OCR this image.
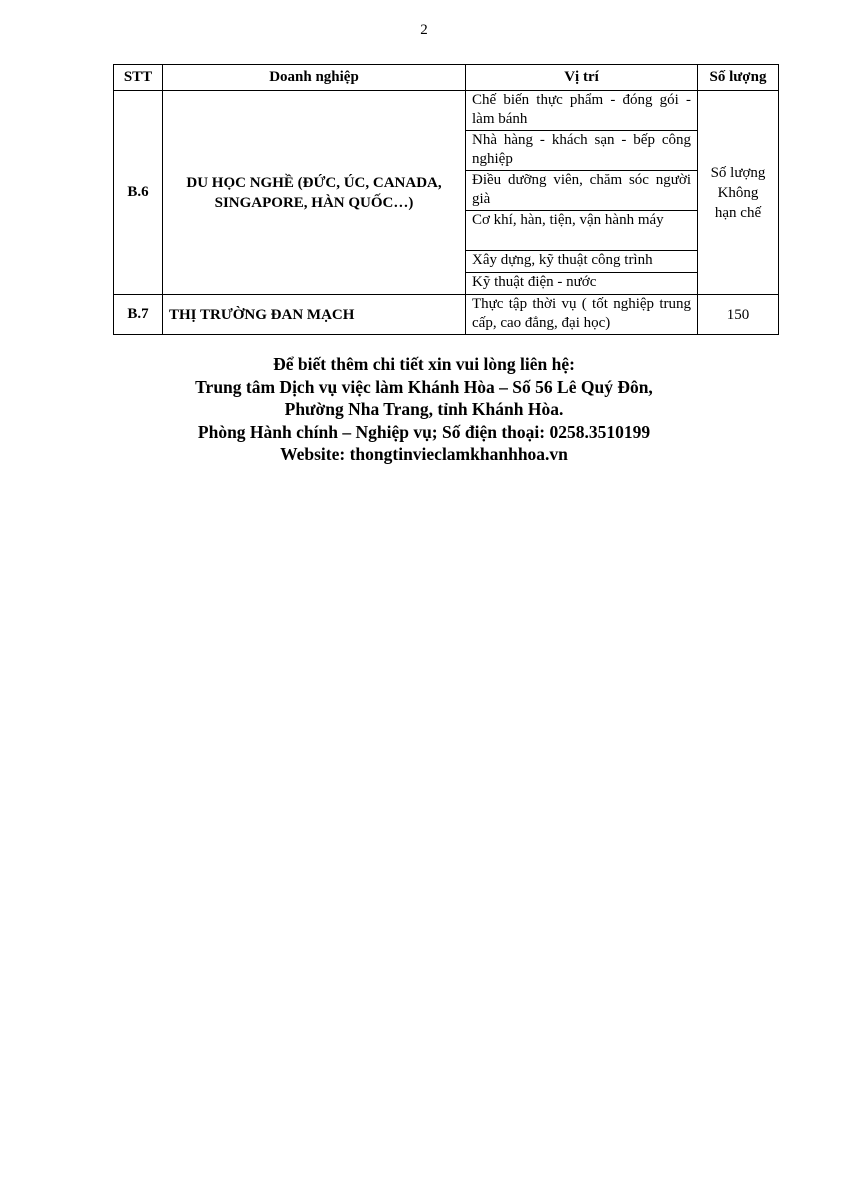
2
STT	Doanh nghiệp	Vị trí	Số lượng
B.6	DU HỌC NGHỀ (ĐỨC, ÚC, CANADA, SINGAPORE, HÀN QUỐC…)	Chế biến thực phẩm - đóng gói - làm bánh	Số lượng Không hạn chế

		Nhà hàng - khách sạn - bếp công nghiệp	
		Điều dưỡng viên, chăm sóc người già	
		Cơ khí, hàn, tiện, vận hành máy	
		Xây dựng, kỹ thuật công trình	
		Kỹ thuật điện - nước	
B.7	THỊ TRƯỜNG ĐAN MẠCH	Thực tập thời vụ ( tốt nghiệp trung cấp, cao đẳng, đại học)	150
Để biết thêm chi tiết xin vui lòng liên hệ:
Trung tâm Dịch vụ việc làm Khánh Hòa – Số 56 Lê Quý Đôn,
Phường Nha Trang, tỉnh Khánh Hòa.
Phòng Hành chính – Nghiệp vụ; Số điện thoại: 0258.3510199
Website: thongtinvieclamkhanhhoa.vn
